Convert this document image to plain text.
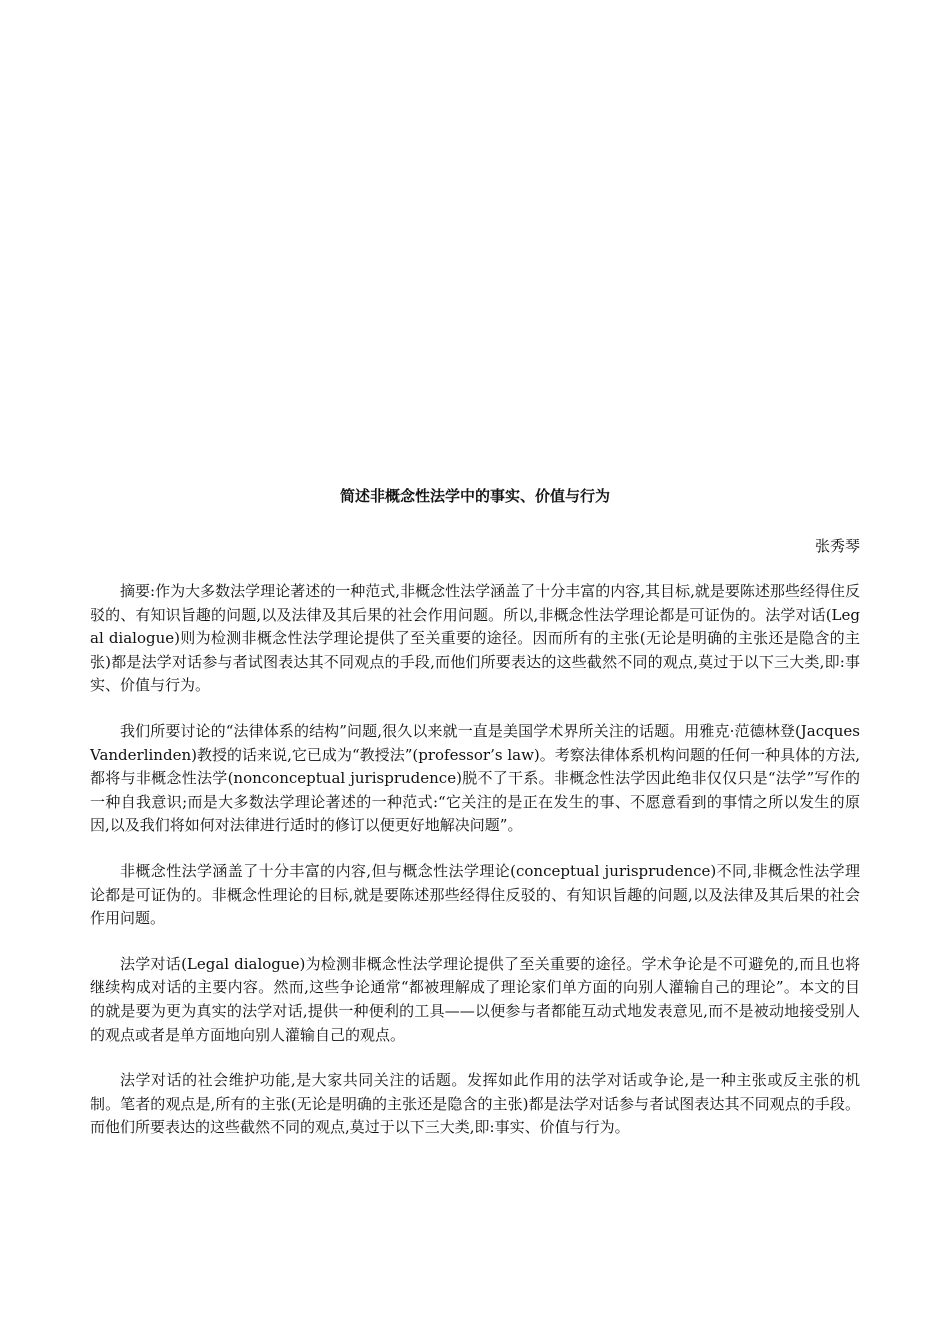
简述非概念性法学中的事实、价值与行为

张秀琴

摘要:作为大多数法学理论著述的一种范式,非概念性法学涵盖了十分丰富的内容,其目标,就是要陈述那些经得住反驳的、有知识旨趣的问题,以及法律及其后果的社会作用问题。所以,非概念性法学理论都是可证伪的。法学对话(Legal dialogue)则为检测非概念性法学理论提供了至关重要的途径。因而所有的主张(无论是明确的主张还是隐含的主张)都是法学对话参与者试图表达其不同观点的手段,而他们所要表达的这些截然不同的观点,莫过于以下三大类,即:事实、价值与行为。

我们所要讨论的“法律体系的结构”问题,很久以来就一直是美国学术界所关注的话题。用雅克·范德林登(Jacques Vanderlinden)教授的话来说,它已成为“教授法”(professor’s law)。考察法律体系机构问题的任何一种具体的方法,都将与非概念性法学(nonconceptual jurisprudence)脱不了干系。非概念性法学因此绝非仅仅只是“法学”写作的一种自我意识;而是大多数法学理论著述的一种范式:“它关注的是正在发生的事、不愿意看到的事情之所以发生的原因,以及我们将如何对法律进行适时的修订以便更好地解决问题”。

非概念性法学涵盖了十分丰富的内容,但与概念性法学理论(conceptual jurisprudence)不同,非概念性法学理论都是可证伪的。非概念性理论的目标,就是要陈述那些经得住反驳的、有知识旨趣的问题,以及法律及其后果的社会作用问题。

法学对话(Legal dialogue)为检测非概念性法学理论提供了至关重要的途径。学术争论是不可避免的,而且也将继续构成对话的主要内容。然而,这些争论通常“都被理解成了理论家们单方面的向别人灌输自己的理论”。本文的目的就是要为更为真实的法学对话,提供一种便利的工具——以便参与者都能互动式地发表意见,而不是被动地接受别人的观点或者是单方面地向别人灌输自己的观点。

法学对话的社会维护功能,是大家共同关注的话题。发挥如此作用的法学对话或争论,是一种主张或反主张的机制。笔者的观点是,所有的主张(无论是明确的主张还是隐含的主张)都是法学对话参与者试图表达其不同观点的手段。而他们所要表达的这些截然不同的观点,莫过于以下三大类,即:事实、价值与行为。
